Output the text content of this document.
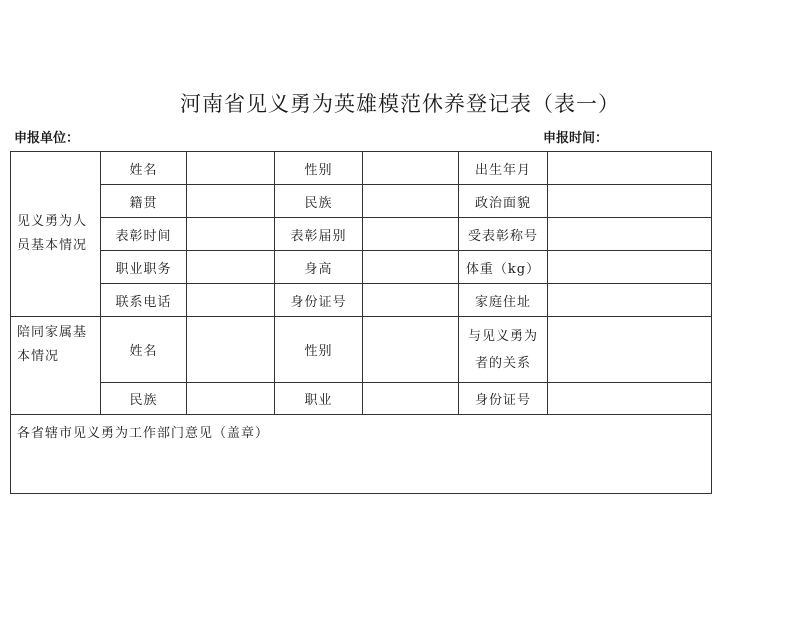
河南省见义勇为英雄模范休养登记表（表一）
申报单位：	申报时间：
见义勇为人员基本情况	姓名		性别		出生年月	
	籍贯		民族		政治面貌	
	表彰时间		表彰届别		受表彰称号	
	职业职务		身高		体重（kg）	
	联系电话		身份证号		家庭住址	
陪同家属基本情况	姓名		性别		与见义勇为者的关系	
	民族		职业		身份证号	
各省辖市见义勇为工作部门意见（盖章）						
